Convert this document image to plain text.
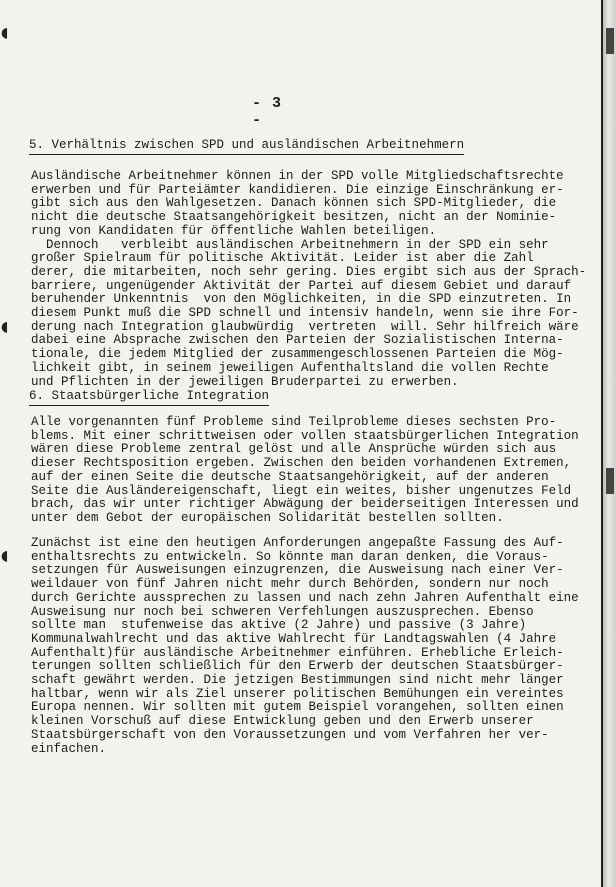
◖
◖
◖
- 3 -
5. Verhältnis zwischen SPD und ausländischen Arbeitnehmern
Ausländische Arbeitnehmer können in der SPD volle Mitgliedschaftsrechte
erwerben und für Parteiämter kandidieren. Die einzige Einschränkung er-
gibt sich aus den Wahlgesetzen. Danach können sich SPD-Mitglieder, die
nicht die deutsche Staatsangehörigkeit besitzen, nicht an der Nominie-
rung von Kandidaten für öffentliche Wahlen beteiligen.
Dennoch   verbleibt ausländischen Arbeitnehmern in der SPD ein sehr
großer Spielraum für politische Aktivität. Leider ist aber die Zahl
derer, die mitarbeiten, noch sehr gering. Dies ergibt sich aus der Sprach-
barriere, ungenügender Aktivität der Partei auf diesem Gebiet und darauf
beruhender Unkenntnis  von den Möglichkeiten, in die SPD einzutreten. In
diesem Punkt muß die SPD schnell und intensiv handeln, wenn sie ihre For-
derung nach Integration glaubwürdig  vertreten  will. Sehr hilfreich wäre
dabei eine Absprache zwischen den Parteien der Sozialistischen Interna-
tionale, die jedem Mitglied der zusammengeschlossenen Parteien die Mög-
lichkeit gibt, in seinem jeweiligen Aufenthaltsland die vollen Rechte
und Pflichten in der jeweiligen Bruderpartei zu erwerben.
6. Staatsbürgerliche Integration
Alle vorgenannten fünf Probleme sind Teilprobleme dieses sechsten Pro-
blems. Mit einer schrittweisen oder vollen staatsbürgerlichen Integration
wären diese Probleme zentral gelöst und alle Ansprüche würden sich aus
dieser Rechtsposition ergeben. Zwischen den beiden vorhandenen Extremen,
auf der einen Seite die deutsche Staatsangehörigkeit, auf der anderen
Seite die Ausländereigenschaft, liegt ein weites, bisher ungenutzes Feld
brach, das wir unter richtiger Abwägung der beiderseitigen Interessen und
unter dem Gebot der europäischen Solidarität bestellen sollten.
Zunächst ist eine den heutigen Anforderungen angepaßte Fassung des Auf-
enthaltsrechts zu entwickeln. So könnte man daran denken, die Voraus-
setzungen für Ausweisungen einzugrenzen, die Ausweisung nach einer Ver-
weildauer von fünf Jahren nicht mehr durch Behörden, sondern nur noch
durch Gerichte aussprechen zu lassen und nach zehn Jahren Aufenthalt eine
Ausweisung nur noch bei schweren Verfehlungen auszusprechen. Ebenso
sollte man  stufenweise das aktive (2 Jahre) und passive (3 Jahre)
Kommunalwahlrecht und das aktive Wahlrecht für Landtagswahlen (4 Jahre
Aufenthalt)für ausländische Arbeitnehmer einführen. Erhebliche Erleich-
terungen sollten schließlich für den Erwerb der deutschen Staatsbürger-
schaft gewährt werden. Die jetzigen Bestimmungen sind nicht mehr länger
haltbar, wenn wir als Ziel unserer politischen Bemühungen ein vereintes
Europa nennen. Wir sollten mit gutem Beispiel vorangehen, sollten einen
kleinen Vorschuß auf diese Entwicklung geben und den Erwerb unserer
Staatsbürgerschaft von den Voraussetzungen und vom Verfahren her ver-
einfachen.
